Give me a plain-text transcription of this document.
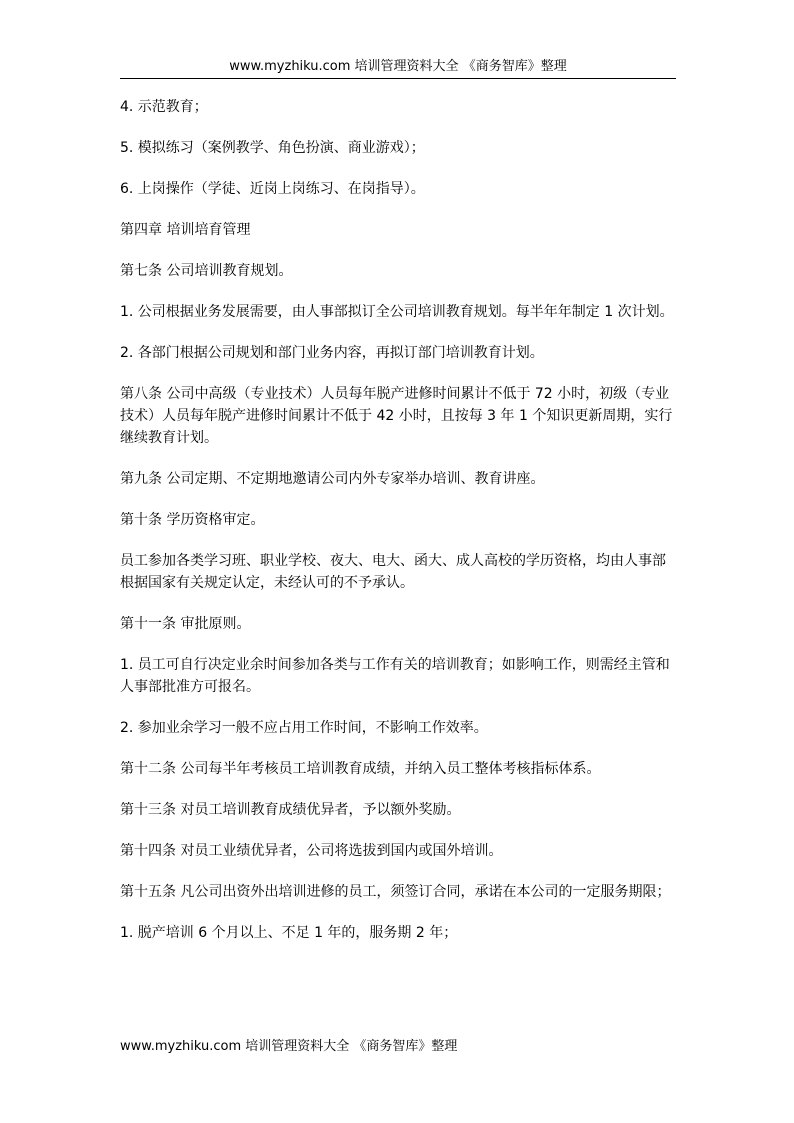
www.myzhiku.com 培训管理资料大全 《商务智库》整理

4. 示范教育；

5. 模拟练习（案例教学、角色扮演、商业游戏）；

6. 上岗操作（学徒、近岗上岗练习、在岗指导）。

第四章 培训培育管理

第七条 公司培训教育规划。

1. 公司根据业务发展需要，由人事部拟订全公司培训教育规划。每半年年制定 1 次计划。

2. 各部门根据公司规划和部门业务内容，再拟订部门培训教育计划。

第八条 公司中高级（专业技术）人员每年脱产进修时间累计不低于 72 小时，初级（专业技术）人员每年脱产进修时间累计不低于 42 小时，且按每 3 年 1 个知识更新周期，实行继续教育计划。

第九条 公司定期、不定期地邀请公司内外专家举办培训、教育讲座。

第十条 学历资格审定。

员工参加各类学习班、职业学校、夜大、电大、函大、成人高校的学历资格，均由人事部根据国家有关规定认定，未经认可的不予承认。

第十一条 审批原则。

1. 员工可自行决定业余时间参加各类与工作有关的培训教育；如影响工作，则需经主管和人事部批准方可报名。

2. 参加业余学习一般不应占用工作时间，不影响工作效率。

第十二条 公司每半年考核员工培训教育成绩，并纳入员工整体考核指标体系。

第十三条 对员工培训教育成绩优异者，予以额外奖励。

第十四条 对员工业绩优异者，公司将选拔到国内或国外培训。

第十五条 凡公司出资外出培训进修的员工，须签订合同，承诺在本公司的一定服务期限；

1. 脱产培训 6 个月以上、不足 1 年的，服务期 2 年；

www.myzhiku.com 培训管理资料大全 《商务智库》整理
